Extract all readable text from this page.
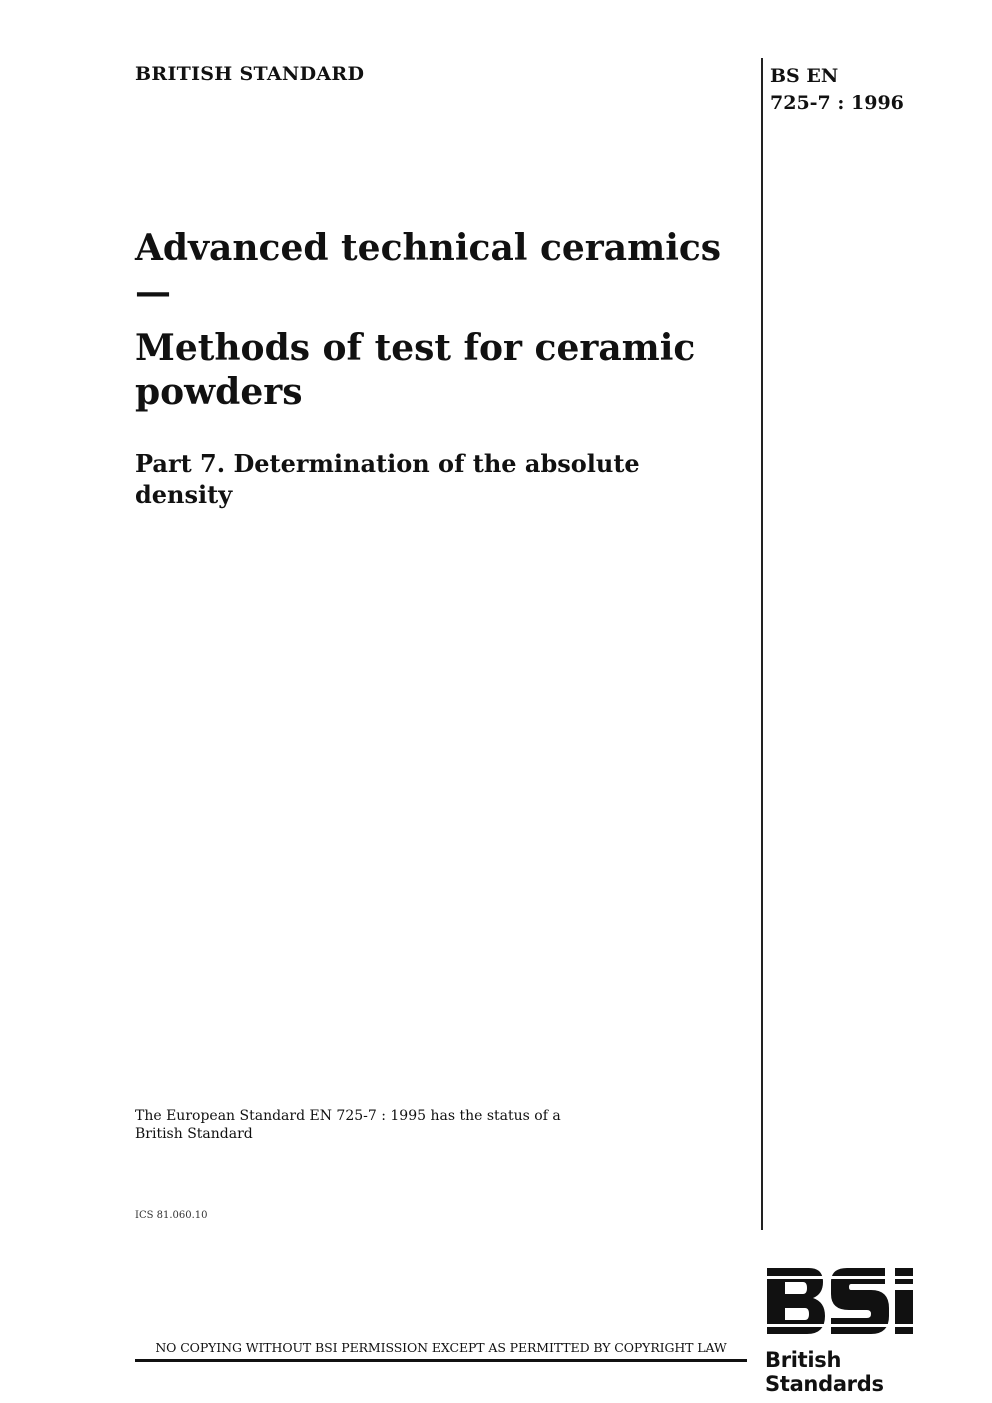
BRITISH STANDARD	BS EN
725-7 : 1996
Advanced technical ceramics —
Methods of test for ceramic powders
Part 7. Determination of the absolute density
The European Standard EN 725-7 : 1995 has the status of a British Standard
ICS 81.060.10
NO COPYING WITHOUT BSI PERMISSION EXCEPT AS PERMITTED BY COPYRIGHT LAW
British Standards
